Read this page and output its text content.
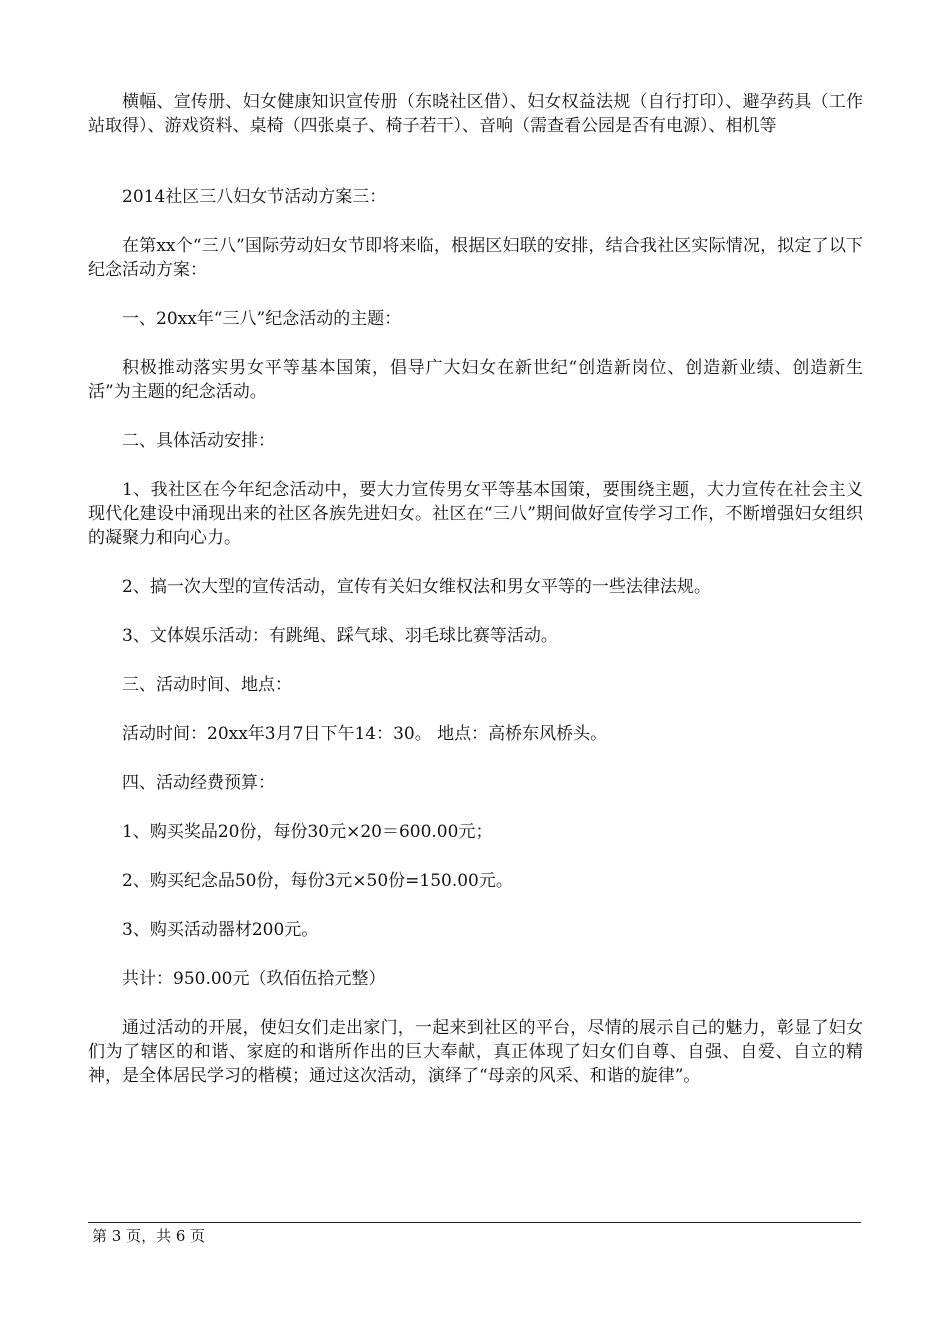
横幅、宣传册、妇女健康知识宣传册（东晓社区借）、妇女权益法规（自行打印）、避孕药具（工作站取得）、游戏资料、桌椅（四张桌子、椅子若干）、音响（需查看公园是否有电源）、相机等

2014社区三八妇女节活动方案三：

在第xx个“三八”国际劳动妇女节即将来临，根据区妇联的安排，结合我社区实际情况，拟定了以下纪念活动方案：

一、20xx年“三八”纪念活动的主题：

积极推动落实男女平等基本国策，倡导广大妇女在新世纪“创造新岗位、创造新业绩、创造新生活”为主题的纪念活动。

二、具体活动安排：

1、我社区在今年纪念活动中，要大力宣传男女平等基本国策，要围绕主题，大力宣传在社会主义现代化建设中涌现出来的社区各族先进妇女。社区在“三八”期间做好宣传学习工作，不断增强妇女组织的凝聚力和向心力。

2、搞一次大型的宣传活动，宣传有关妇女维权法和男女平等的一些法律法规。

3、文体娱乐活动：有跳绳、踩气球、羽毛球比赛等活动。

三、活动时间、地点：

活动时间：20xx年3月7日下午14：30。 地点：高桥东风桥头。

四、活动经费预算：

1、购买奖品20份，每份30元×20＝600.00元；

2、购买纪念品50份，每份3元×50份=150.00元。

3、购买活动器材200元。

共计：950.00元（玖佰伍拾元整）

通过活动的开展，使妇女们走出家门，一起来到社区的平台，尽情的展示自己的魅力，彰显了妇女们为了辖区的和谐、家庭的和谐所作出的巨大奉献，真正体现了妇女们自尊、自强、自爱、自立的精神，是全体居民学习的楷模；通过这次活动，演绎了“母亲的风采、和谐的旋律”。

第 3 页，共 6 页
